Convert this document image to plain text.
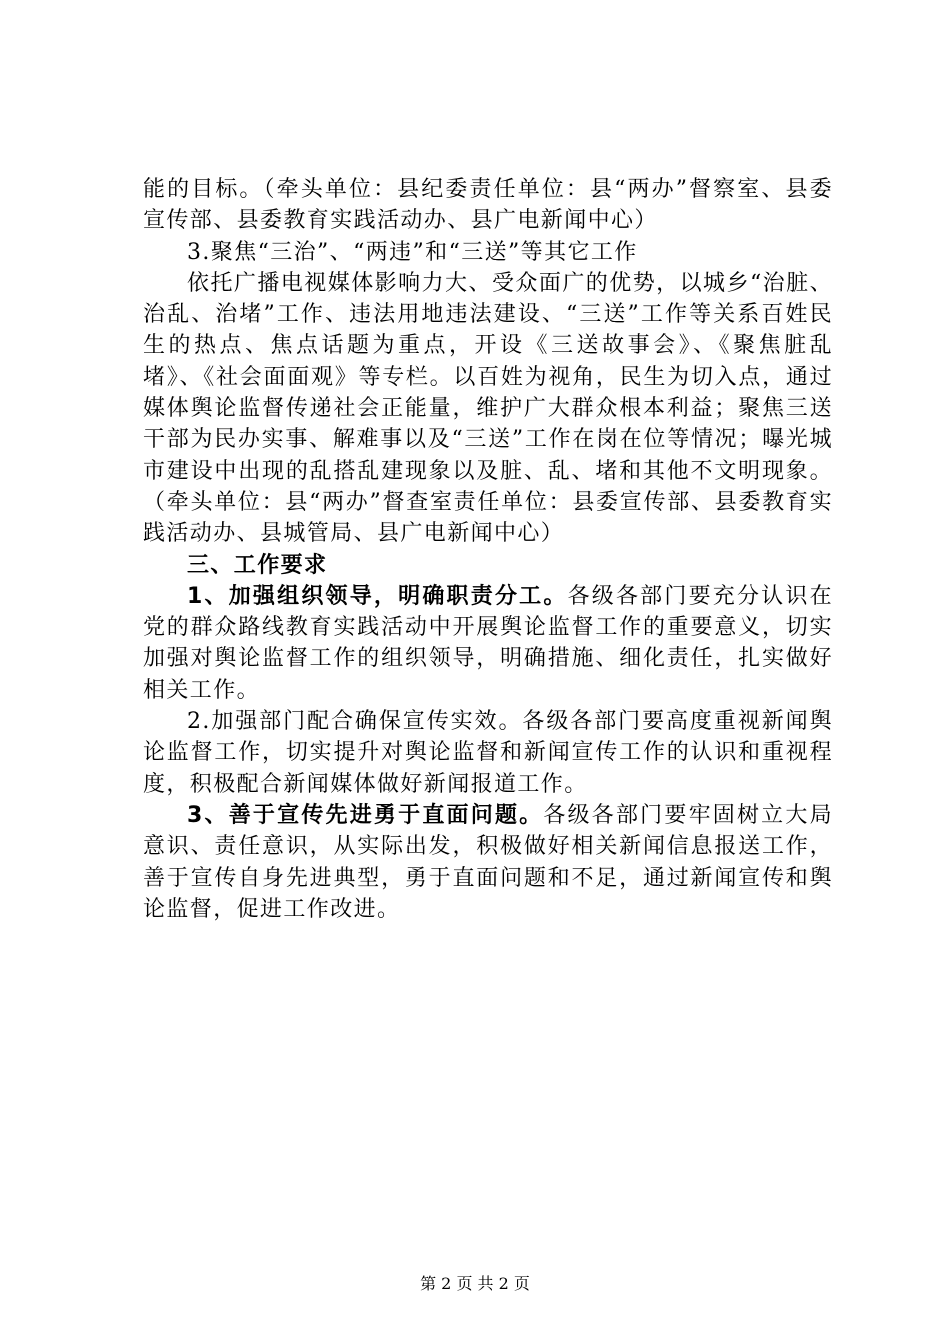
能的目标。（牵头单位：县纪委责任单位：县“两办”督察室、县委宣传部、县委教育实践活动办、县广电新闻中心）

3.聚焦“三治”、“两违”和“三送”等其它工作

依托广播电视媒体影响力大、受众面广的优势，以城乡“治脏、治乱、治堵”工作、违法用地违法建设、“三送”工作等关系百姓民生的热点、焦点话题为重点，开设《三送故事会》、《聚焦脏乱堵》、《社会面面观》等专栏。以百姓为视角，民生为切入点，通过媒体舆论监督传递社会正能量，维护广大群众根本利益；聚焦三送干部为民办实事、解难事以及“三送”工作在岗在位等情况；曝光城市建设中出现的乱搭乱建现象以及脏、乱、堵和其他不文明现象。（牵头单位：县“两办”督查室责任单位：县委宣传部、县委教育实践活动办、县城管局、县广电新闻中心）

三、工作要求

1、加强组织领导，明确职责分工。各级各部门要充分认识在党的群众路线教育实践活动中开展舆论监督工作的重要意义，切实加强对舆论监督工作的组织领导，明确措施、细化责任，扎实做好相关工作。

2.加强部门配合确保宣传实效。各级各部门要高度重视新闻舆论监督工作，切实提升对舆论监督和新闻宣传工作的认识和重视程度，积极配合新闻媒体做好新闻报道工作。

3、善于宣传先进勇于直面问题。各级各部门要牢固树立大局意识、责任意识，从实际出发，积极做好相关新闻信息报送工作，善于宣传自身先进典型，勇于直面问题和不足，通过新闻宣传和舆论监督，促进工作改进。

第 2 页 共 2 页
